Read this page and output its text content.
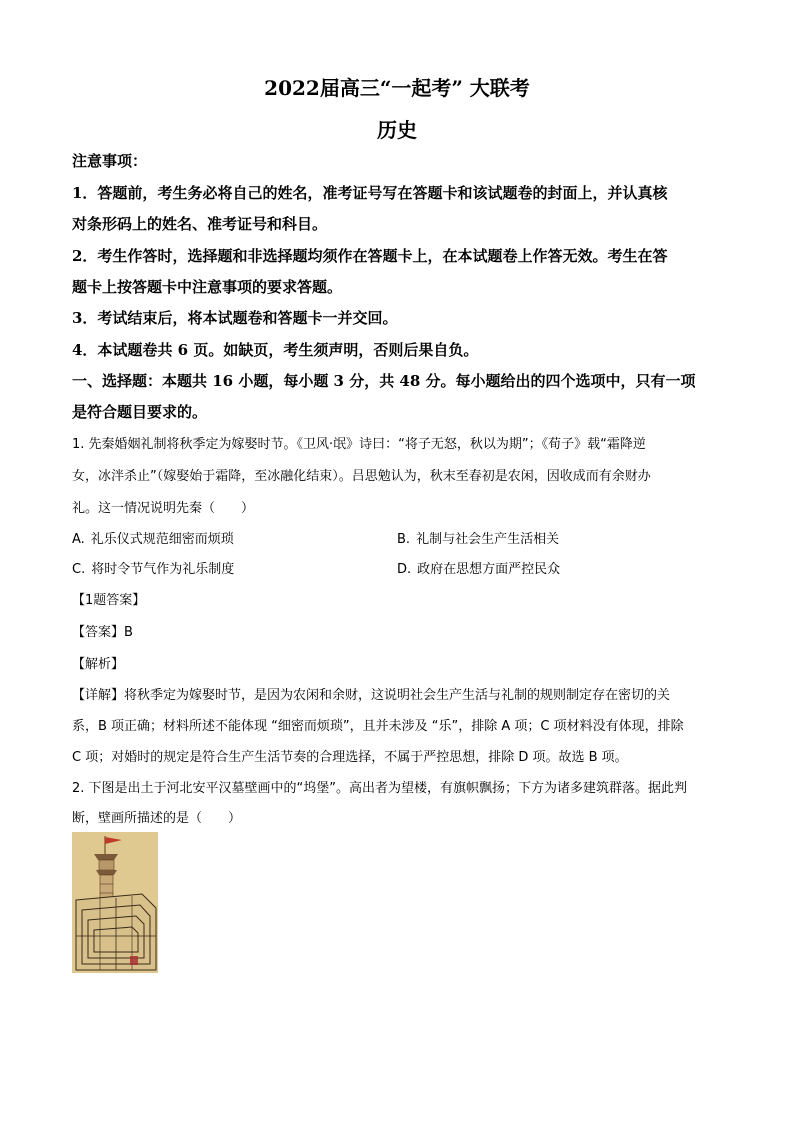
2022届高三“一起考” 大联考
历史
注意事项：
1．答题前，考生务必将自己的姓名，准考证号写在答题卡和该试题卷的封面上，并认真核
对条形码上的姓名、准考证号和科目。
2．考生作答时，选择题和非选择题均须作在答题卡上，在本试题卷上作答无效。考生在答
题卡上按答题卡中注意事项的要求答题。
3．考试结束后，将本试题卷和答题卡一并交回。
4．本试题卷共 6 页。如缺页，考生须声明，否则后果自负。
一、选择题：本题共 16 小题，每小题 3 分，共 48 分。每小题给出的四个选项中，只有一项
是符合题目要求的。
1. 先秦婚姻礼制将秋季定为嫁娶时节。《卫风·氓》诗曰：“将子无怒，秋以为期”；《荀子》载“霜降逆
女，冰泮杀止”（嫁娶始于霜降，至冰融化结束）。吕思勉认为，秋末至春初是农闲，因收成而有余财办
礼。这一情况说明先秦（　　）
A. 礼乐仪式规范细密而烦琐	B. 礼制与社会生产生活相关
C. 将时令节气作为礼乐制度	D. 政府在思想方面严控民众
【1题答案】
【答案】B
【解析】
【详解】将秋季定为嫁娶时节，是因为农闲和余财，这说明社会生产生活与礼制的规则制定存在密切的关
系，B 项正确；材料所述不能体现 “细密而烦琐”，且并未涉及 “乐”，排除 A 项；C 项材料没有体现，排除
C 项；对婚时的规定是符合生产生活节奏的合理选择，不属于严控思想，排除 D 项。故选 B 项。
2. 下图是出土于河北安平汉墓壁画中的“坞堡”。高出者为望楼，有旗帜飘扬；下方为诸多建筑群落。据此判
断，壁画所描述的是（　　）
